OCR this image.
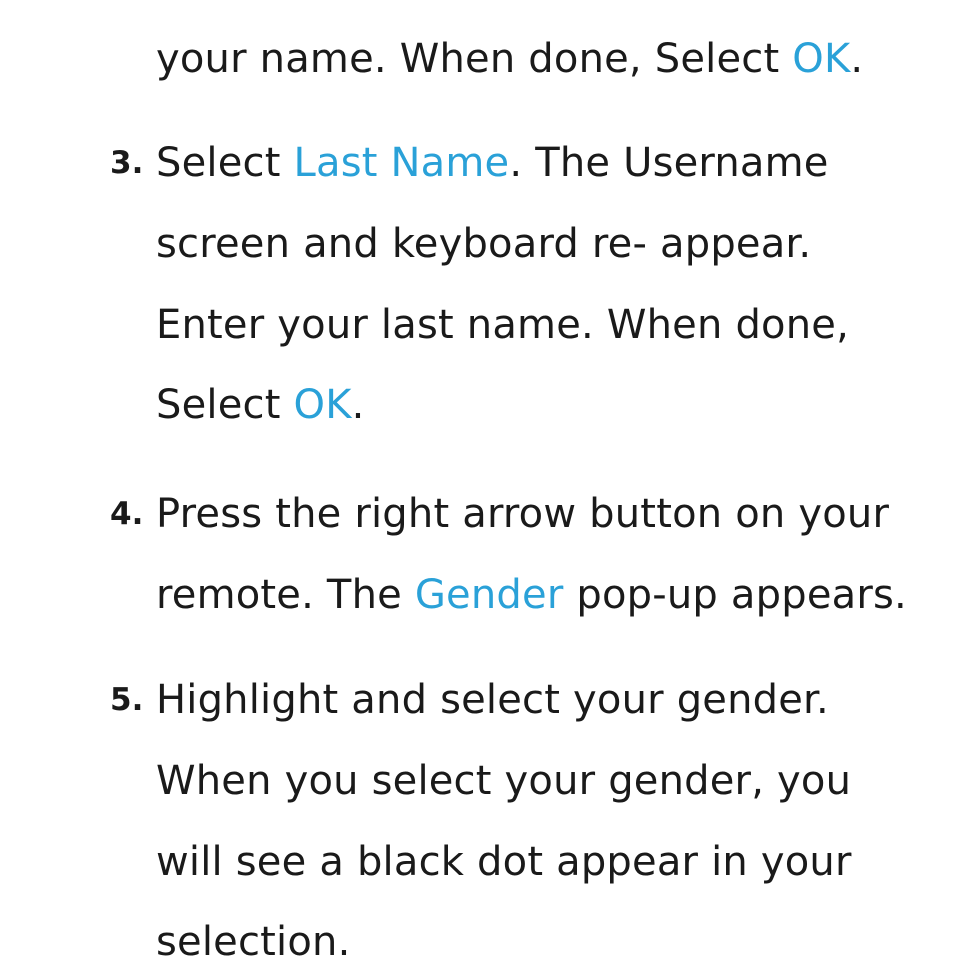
your name. When done, Select OK.
3. Select Last Name. The Username
screen and keyboard re- appear.
Enter your last name. When done,
Select OK.
4. Press the right arrow button on your
remote. The Gender pop-up appears.
5. Highlight and select your gender.
When you select your gender, you
will see a black dot appear in your
selection.
